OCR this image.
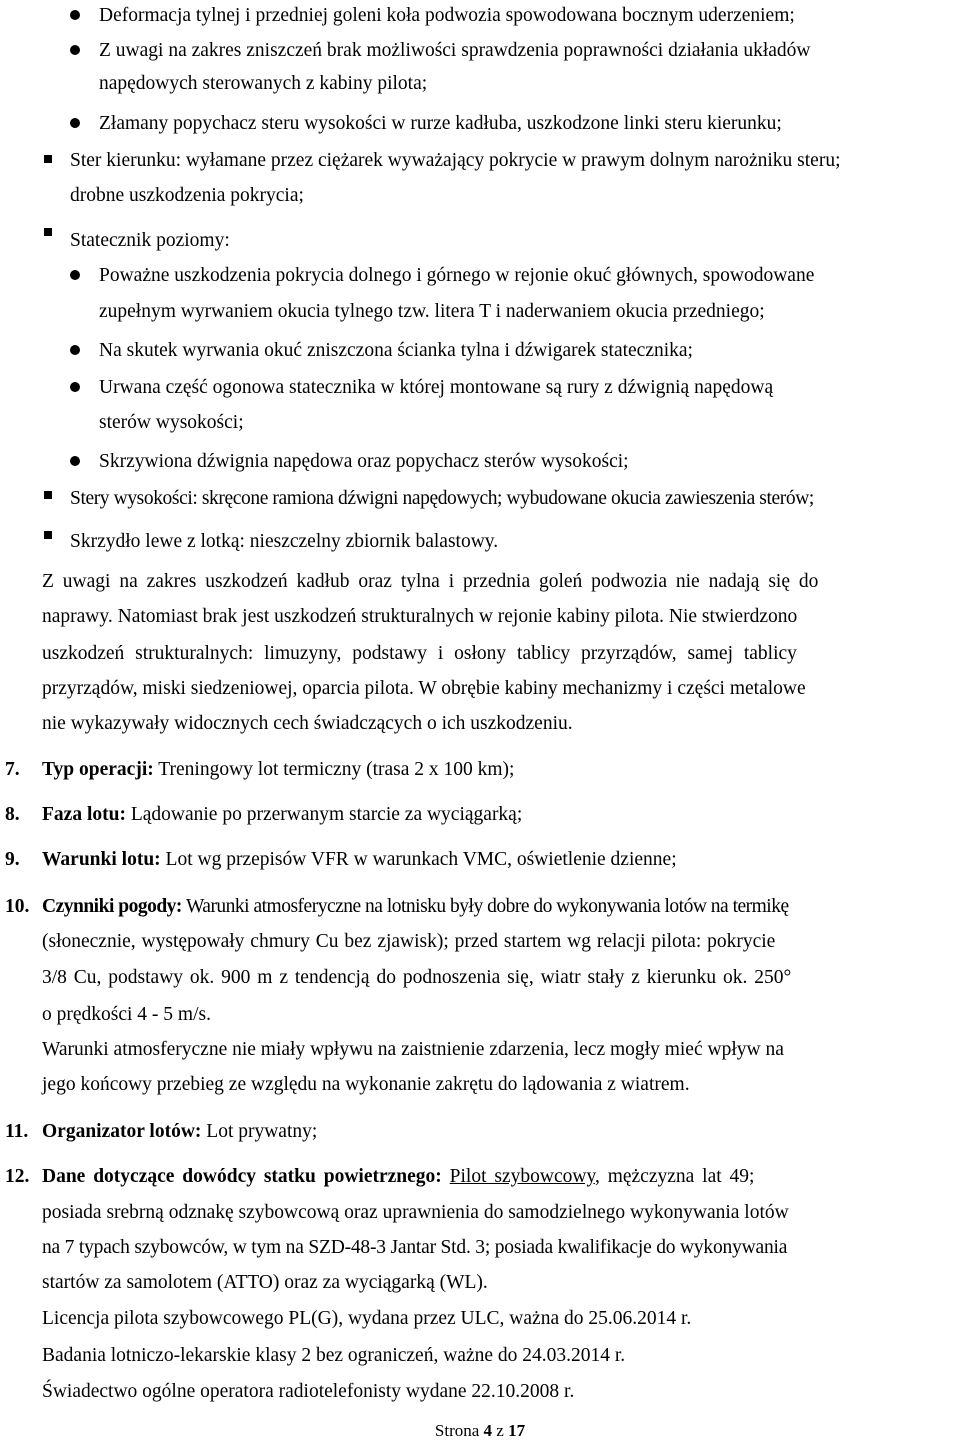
Deformacja tylnej i przedniej goleni koła podwozia spowodowana bocznym uderzeniem;
Z uwagi na zakres zniszczeń brak możliwości sprawdzenia poprawności działania układów
napędowych sterowanych z kabiny pilota;
Złamany popychacz steru wysokości w rurze kadłuba, uszkodzone linki steru kierunku;
Ster kierunku: wyłamane przez ciężarek wyważający pokrycie w prawym dolnym narożniku steru;
drobne uszkodzenia pokrycia;
Statecznik poziomy:
Poważne uszkodzenia pokrycia dolnego i górnego w rejonie okuć głównych, spowodowane
zupełnym wyrwaniem okucia tylnego tzw. litera T i naderwaniem okucia przedniego;
Na skutek wyrwania okuć zniszczona ścianka tylna i dźwigarek statecznika;
Urwana część ogonowa statecznika w której montowane są rury z dźwignią napędową
sterów wysokości;
Skrzywiona dźwignia napędowa oraz popychacz sterów wysokości;
Stery wysokości: skręcone ramiona dźwigni napędowych; wybudowane okucia zawieszenia sterów;
Skrzydło lewe z lotką: nieszczelny zbiornik balastowy.
Z uwagi na zakres uszkodzeń kadłub oraz tylna i przednia goleń podwozia nie nadają się do
naprawy. Natomiast brak jest uszkodzeń strukturalnych w rejonie kabiny pilota. Nie stwierdzono
uszkodzeń strukturalnych: limuzyny, podstawy i osłony tablicy przyrządów, samej tablicy
przyrządów, miski siedzeniowej, oparcia pilota. W obrębie kabiny mechanizmy i części metalowe
nie wykazywały widocznych cech świadczących o ich uszkodzeniu.
7. Typ operacji: Treningowy lot termiczny (trasa 2 x 100 km);
8. Faza lotu: Lądowanie po przerwanym starcie za wyciągarką;
9. Warunki lotu: Lot wg przepisów VFR w warunkach VMC, oświetlenie dzienne;
10. Czynniki pogody: Warunki atmosferyczne na lotnisku były dobre do wykonywania lotów na termikę
(słonecznie, występowały chmury Cu bez zjawisk); przed startem wg relacji pilota: pokrycie
3/8 Cu, podstawy ok. 900 m z tendencją do podnoszenia się, wiatr stały z kierunku ok. 250°
o prędkości 4 - 5 m/s.
Warunki atmosferyczne nie miały wpływu na zaistnienie zdarzenia, lecz mogły mieć wpływ na
jego końcowy przebieg ze względu na wykonanie zakrętu do lądowania z wiatrem.
11. Organizator lotów: Lot prywatny;
12. Dane dotyczące dowódcy statku powietrznego: Pilot szybowcowy, mężczyzna lat 49;
posiada srebrną odznakę szybowcową oraz uprawnienia do samodzielnego wykonywania lotów
na 7 typach szybowców, w tym na SZD-48-3 Jantar Std. 3; posiada kwalifikacje do wykonywania
startów za samolotem (ATTO) oraz za wyciągarką (WL).
Licencja pilota szybowcowego PL(G), wydana przez ULC, ważna do 25.06.2014 r.
Badania lotniczo-lekarskie klasy 2 bez ograniczeń, ważne do 24.03.2014 r.
Świadectwo ogólne operatora radiotelefonisty wydane 22.10.2008 r.
Strona 4 z 17
